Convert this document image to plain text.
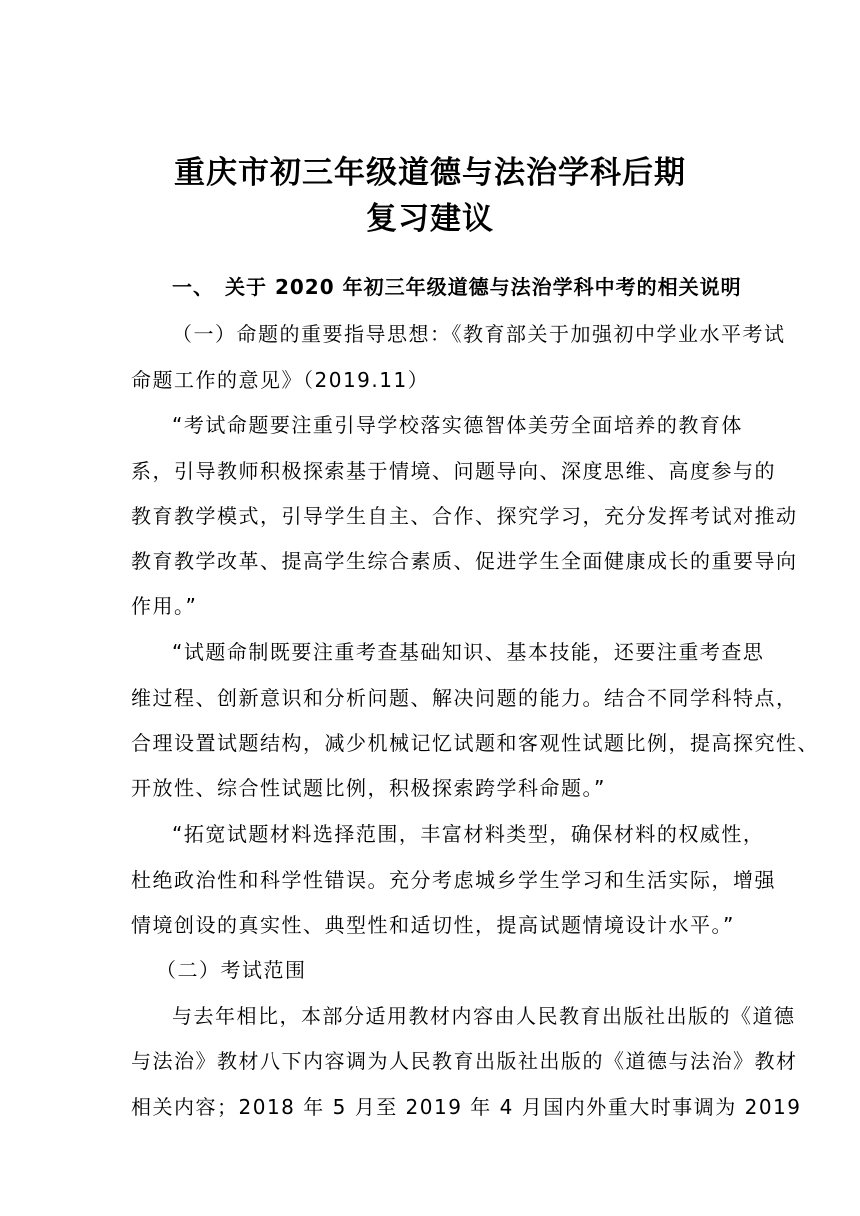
重庆市初三年级道德与法治学科后期
复习建议
一、　关于 2020 年初三年级道德与法治学科中考的相关说明
（一）命题的重要指导思想：《教育部关于加强初中学业水平考试
命题工作的意见》（2019.11）
“考试命题要注重引导学校落实德智体美劳全面培养的教育体
系，引导教师积极探索基于情境、问题导向、深度思维、高度参与的
教育教学模式，引导学生自主、合作、探究学习，充分发挥考试对推动
教育教学改革、提高学生综合素质、促进学生全面健康成长的重要导向
作用。”
“试题命制既要注重考查基础知识、基本技能，还要注重考查思
维过程、创新意识和分析问题、解决问题的能力。结合不同学科特点，
合理设置试题结构，减少机械记忆试题和客观性试题比例，提高探究性、
开放性、综合性试题比例，积极探索跨学科命题。”
“拓宽试题材料选择范围，丰富材料类型，确保材料的权威性，
杜绝政治性和科学性错误。充分考虑城乡学生学习和生活实际，增强
情境创设的真实性、典型性和适切性，提高试题情境设计水平。”
（二）考试范围
与去年相比，本部分适用教材内容由人民教育出版社出版的《道德
与法治》教材八下内容调为人民教育出版社出版的《道德与法治》教材
相关内容；2018 年 5 月至 2019 年 4 月国内外重大时事调为 2019
